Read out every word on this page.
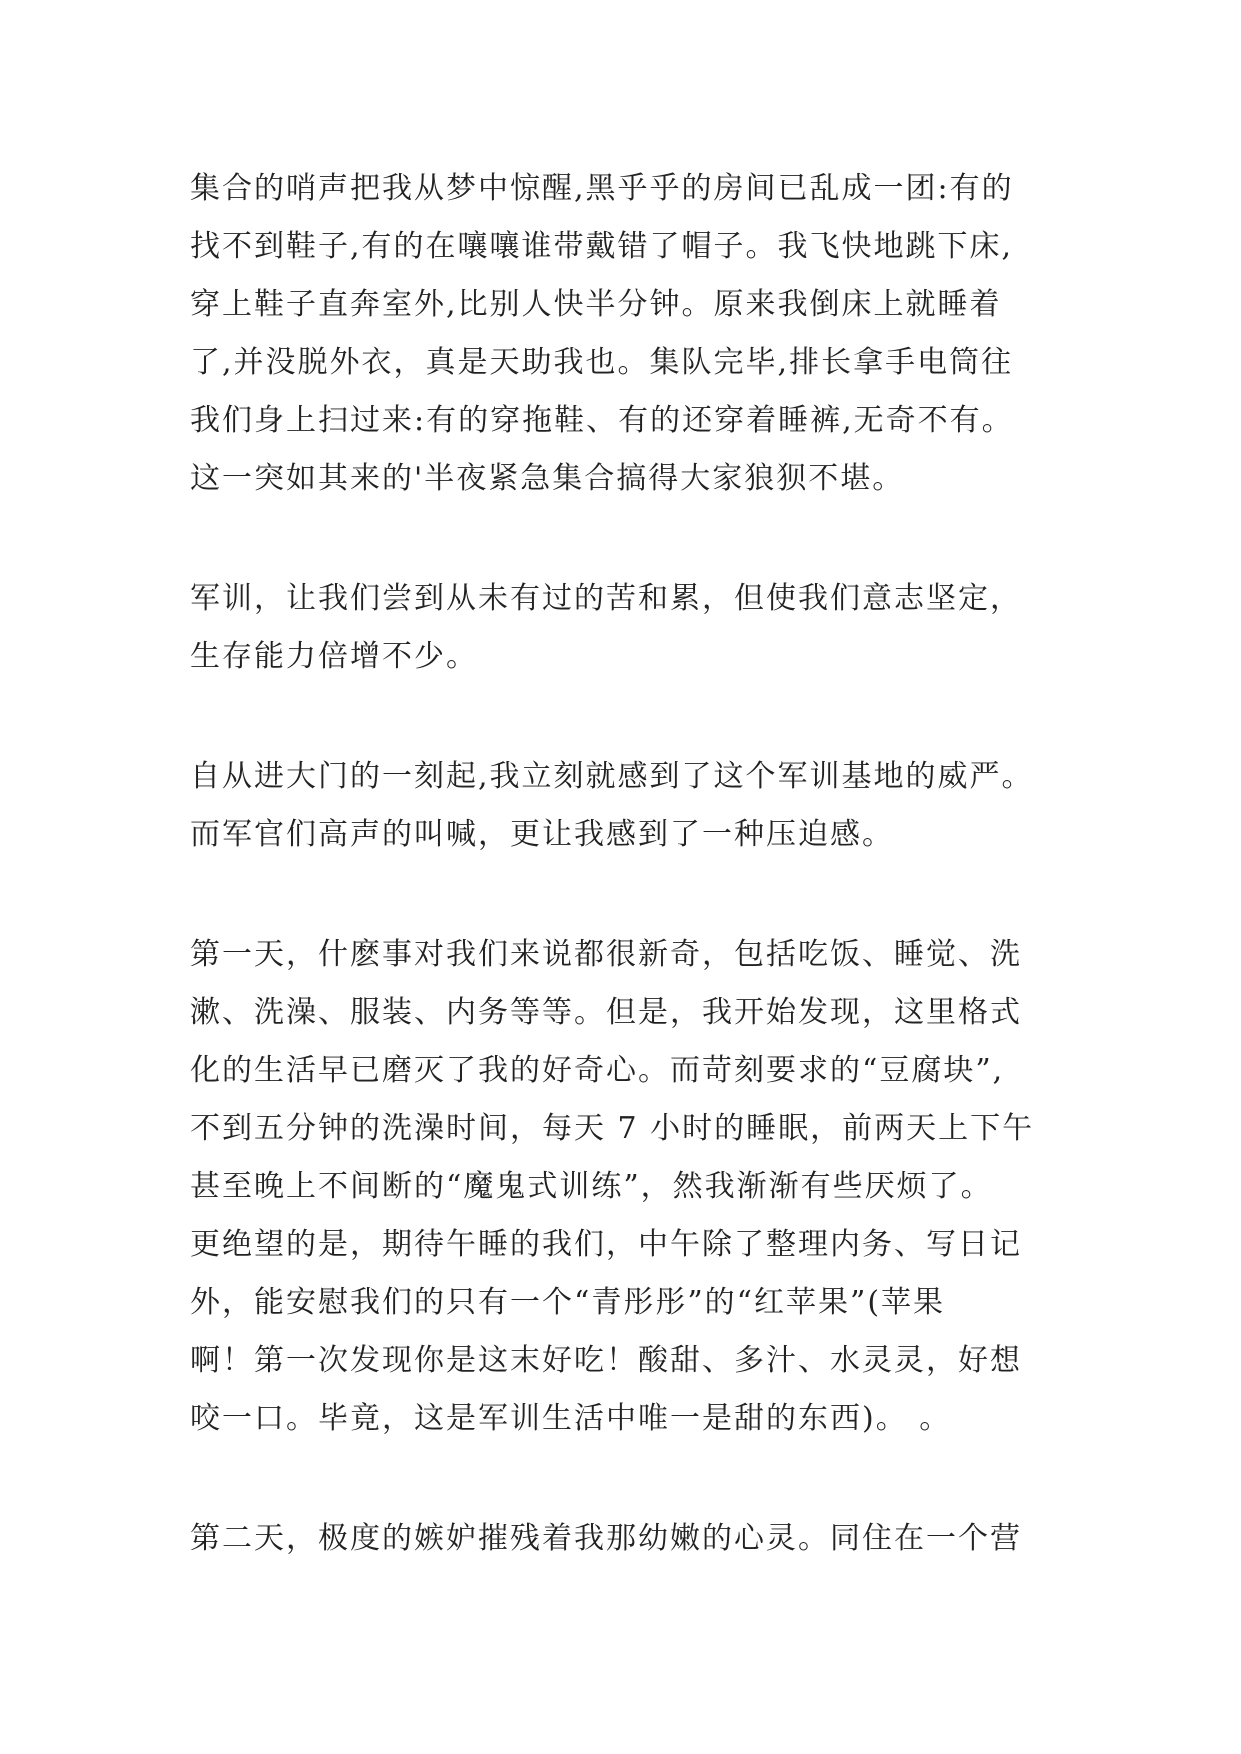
集合的哨声把我从梦中惊醒,黑乎乎的房间已乱成一团:有的
找不到鞋子,有的在嚷嚷谁带戴错了帽子。我飞快地跳下床,
穿上鞋子直奔室外,比别人快半分钟。原来我倒床上就睡着
了,并没脱外衣，真是天助我也。集队完毕,排长拿手电筒往
我们身上扫过来:有的穿拖鞋、有的还穿着睡裤,无奇不有。
这一突如其来的'半夜紧急集合搞得大家狼狈不堪。
军训，让我们尝到从未有过的苦和累，但使我们意志坚定，
生存能力倍增不少。
自从进大门的一刻起,我立刻就感到了这个军训基地的威严。
而军官们高声的叫喊，更让我感到了一种压迫感。
第一天，什麽事对我们来说都很新奇，包括吃饭、睡觉、洗
漱、洗澡、服装、内务等等。但是，我开始发现，这里格式
化的生活早已磨灭了我的好奇心。而苛刻要求的“豆腐块”,
不到五分钟的洗澡时间，每天 7 小时的睡眠，前两天上下午
甚至晚上不间断的“魔鬼式训练”，然我渐渐有些厌烦了。
更绝望的是，期待午睡的我们，中午除了整理内务、写日记
外，能安慰我们的只有一个“青彤彤”的“红苹果”(苹果
啊！第一次发现你是这末好吃！酸甜、多汁、水灵灵，好想
咬一口。毕竟，这是军训生活中唯一是甜的东西)。 。
第二天，极度的嫉妒摧残着我那幼嫩的心灵。同住在一个营
